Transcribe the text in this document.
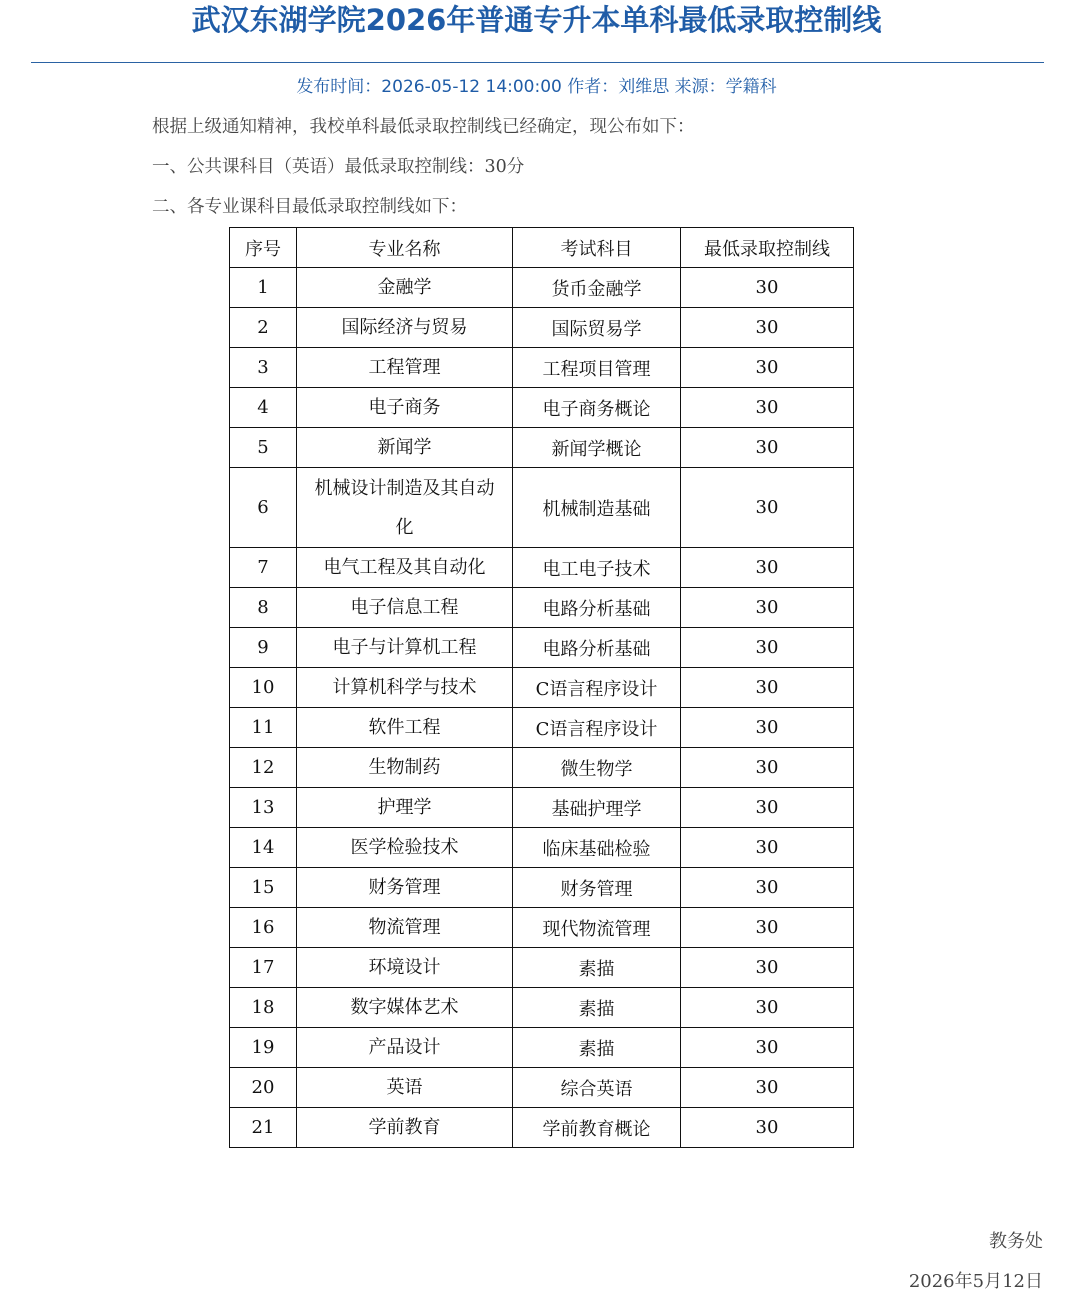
武汉东湖学院2026年普通专升本单科最低录取控制线
发布时间：2026-05-12 14:00:00 作者：刘维思 来源：学籍科
根据上级通知精神，我校单科最低录取控制线已经确定，现公布如下：
一、公共课科目（英语）最低录取控制线：30分
二、各专业课科目最低录取控制线如下：
序号	专业名称	考试科目	最低录取控制线
1	金融学	货币金融学	30
2	国际经济与贸易	国际贸易学	30
3	工程管理	工程项目管理	30
4	电子商务	电子商务概论	30
5	新闻学	新闻学概论	30
6	机械设计制造及其自动化	机械制造基础	30
7	电气工程及其自动化	电工电子技术	30
8	电子信息工程	电路分析基础	30
9	电子与计算机工程	电路分析基础	30
10	计算机科学与技术	C语言程序设计	30
11	软件工程	C语言程序设计	30
12	生物制药	微生物学	30
13	护理学	基础护理学	30
14	医学检验技术	临床基础检验	30
15	财务管理	财务管理	30
16	物流管理	现代物流管理	30
17	环境设计	素描	30
18	数字媒体艺术	素描	30
19	产品设计	素描	30
20	英语	综合英语	30
21	学前教育	学前教育概论	30
教务处
2026年5月12日
